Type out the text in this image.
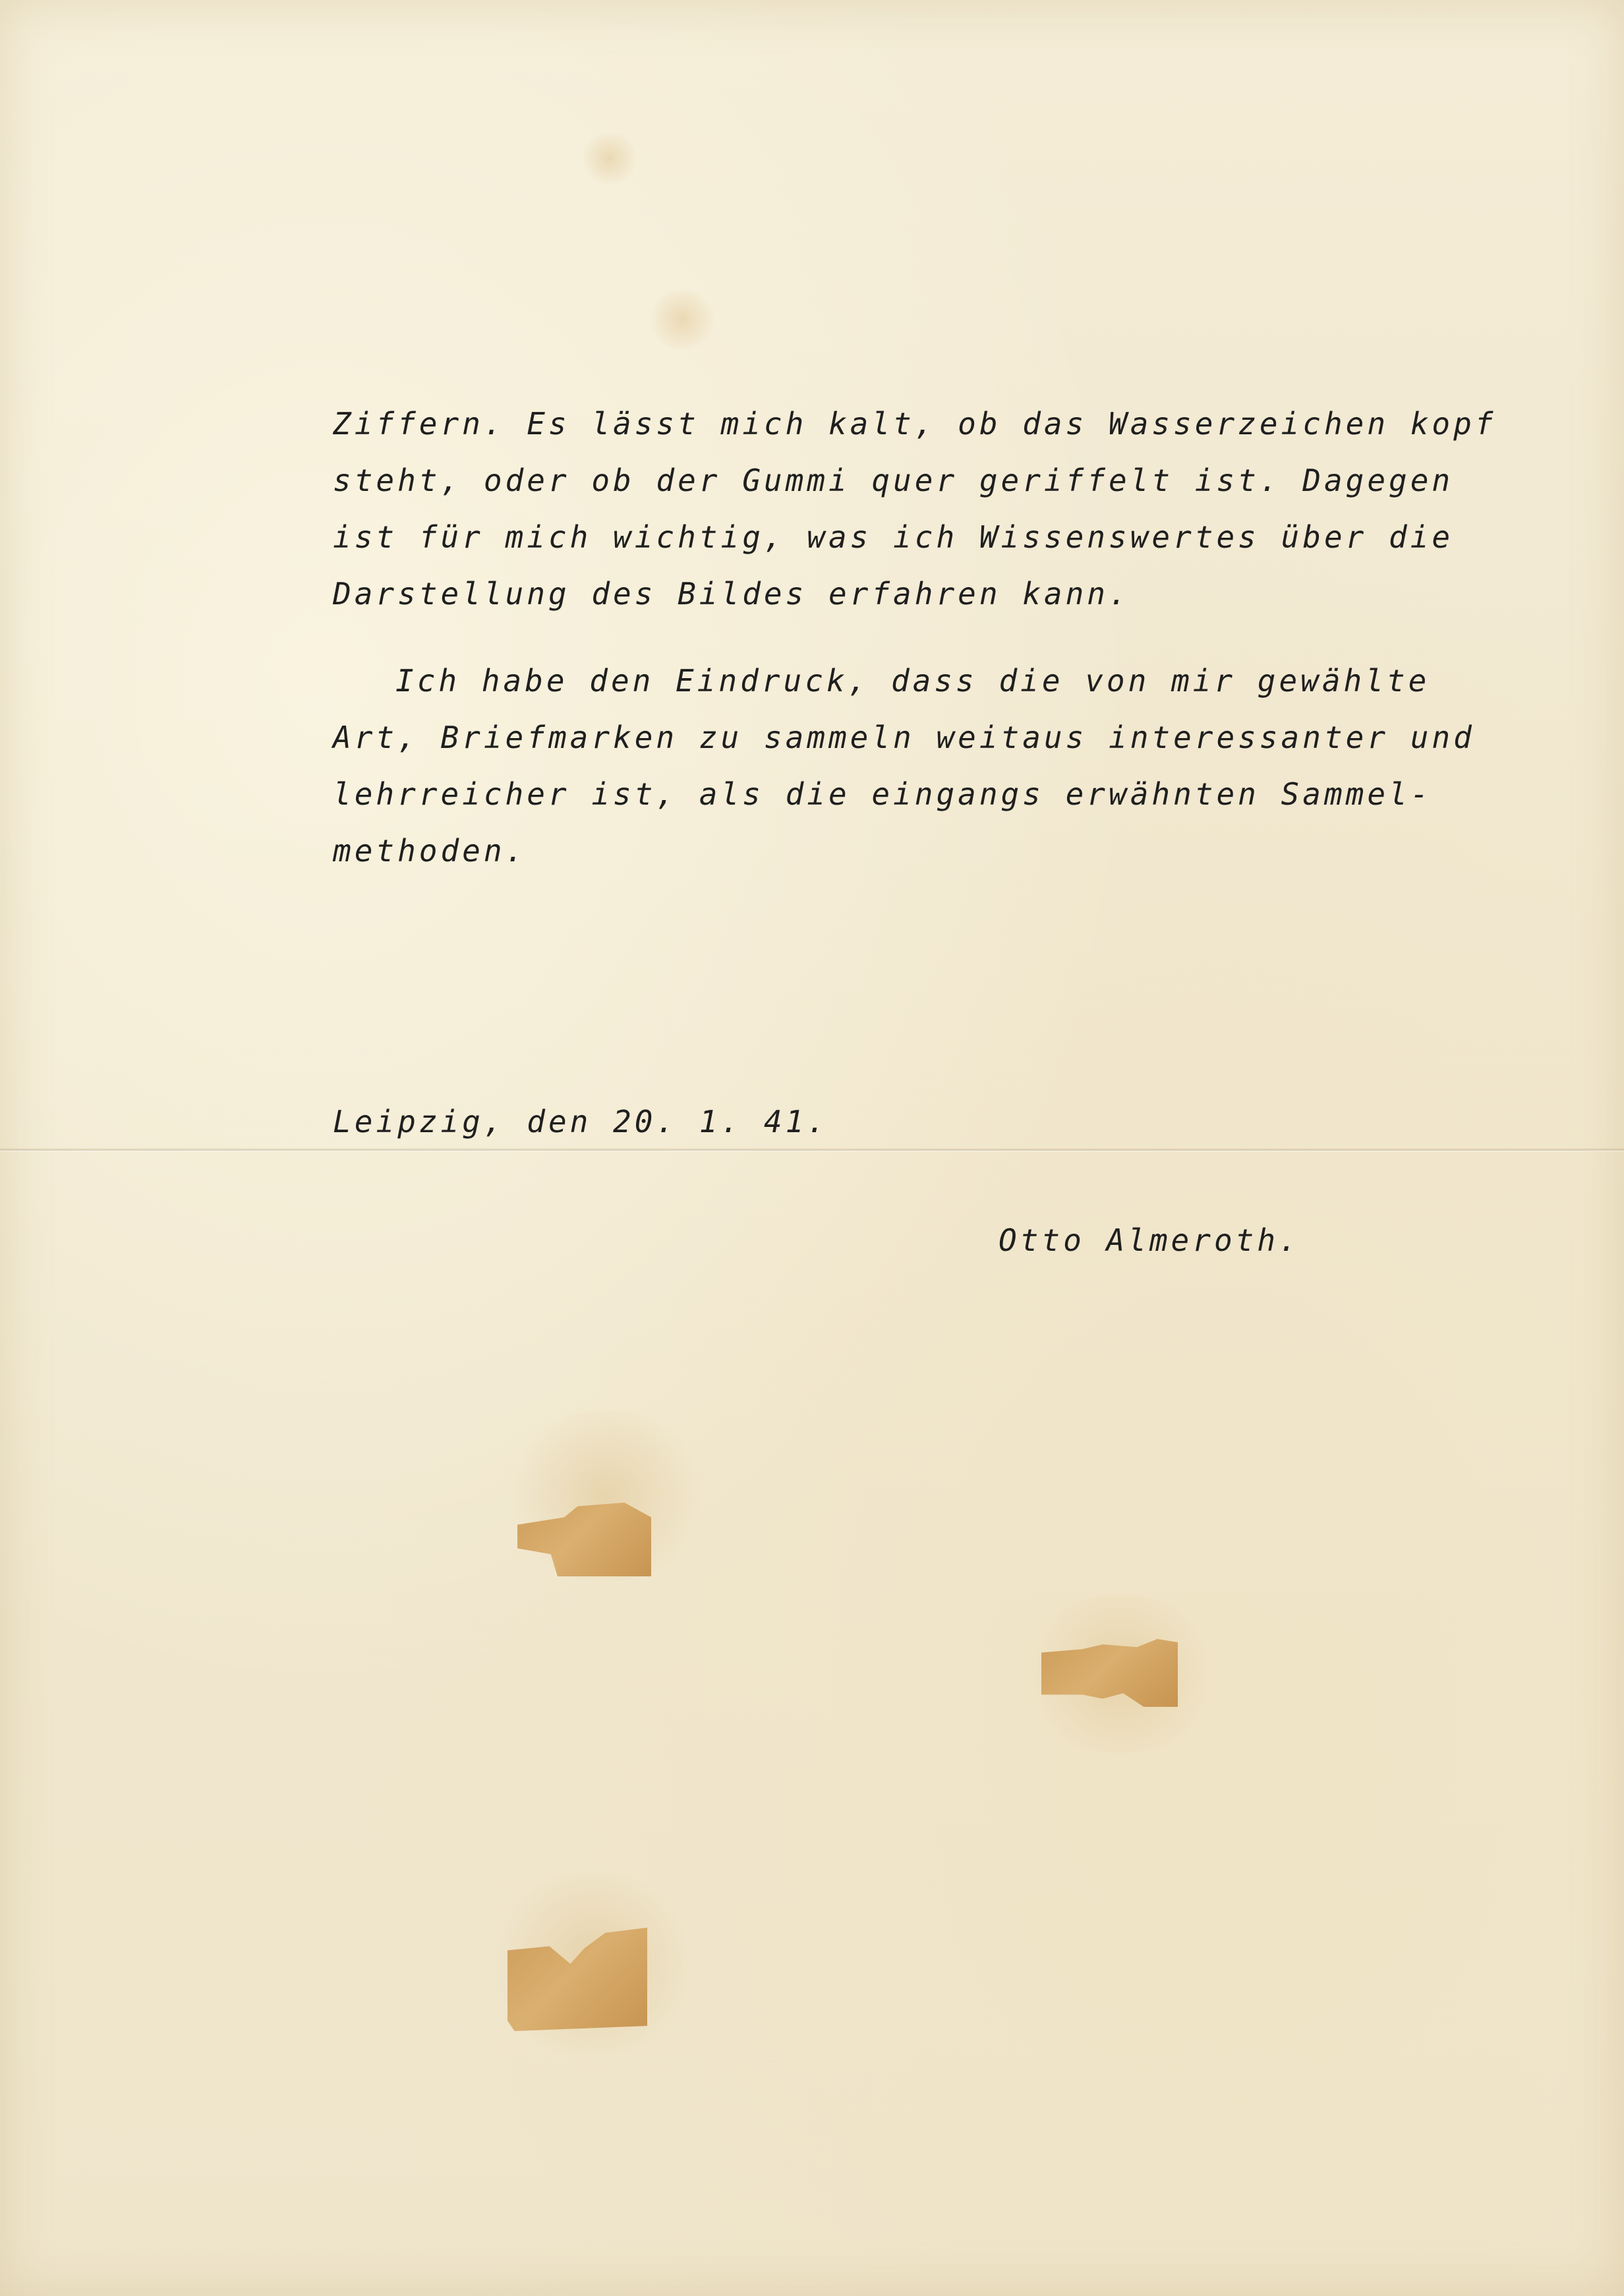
Ziffern. Es lässt mich kalt, ob das Wasserzeichen kopf
steht, oder ob der Gummi quer geriffelt ist. Dagegen
ist für mich wichtig, was ich Wissenswertes über die
Darstellung des Bildes erfahren kann.
Ich habe den Eindruck, dass die von mir gewählte
Art, Briefmarken zu sammeln weitaus interessanter und
lehrreicher ist, als die eingangs erwähnten Sammel-
methoden.
Leipzig, den 20. 1. 41.
Otto Almeroth.
